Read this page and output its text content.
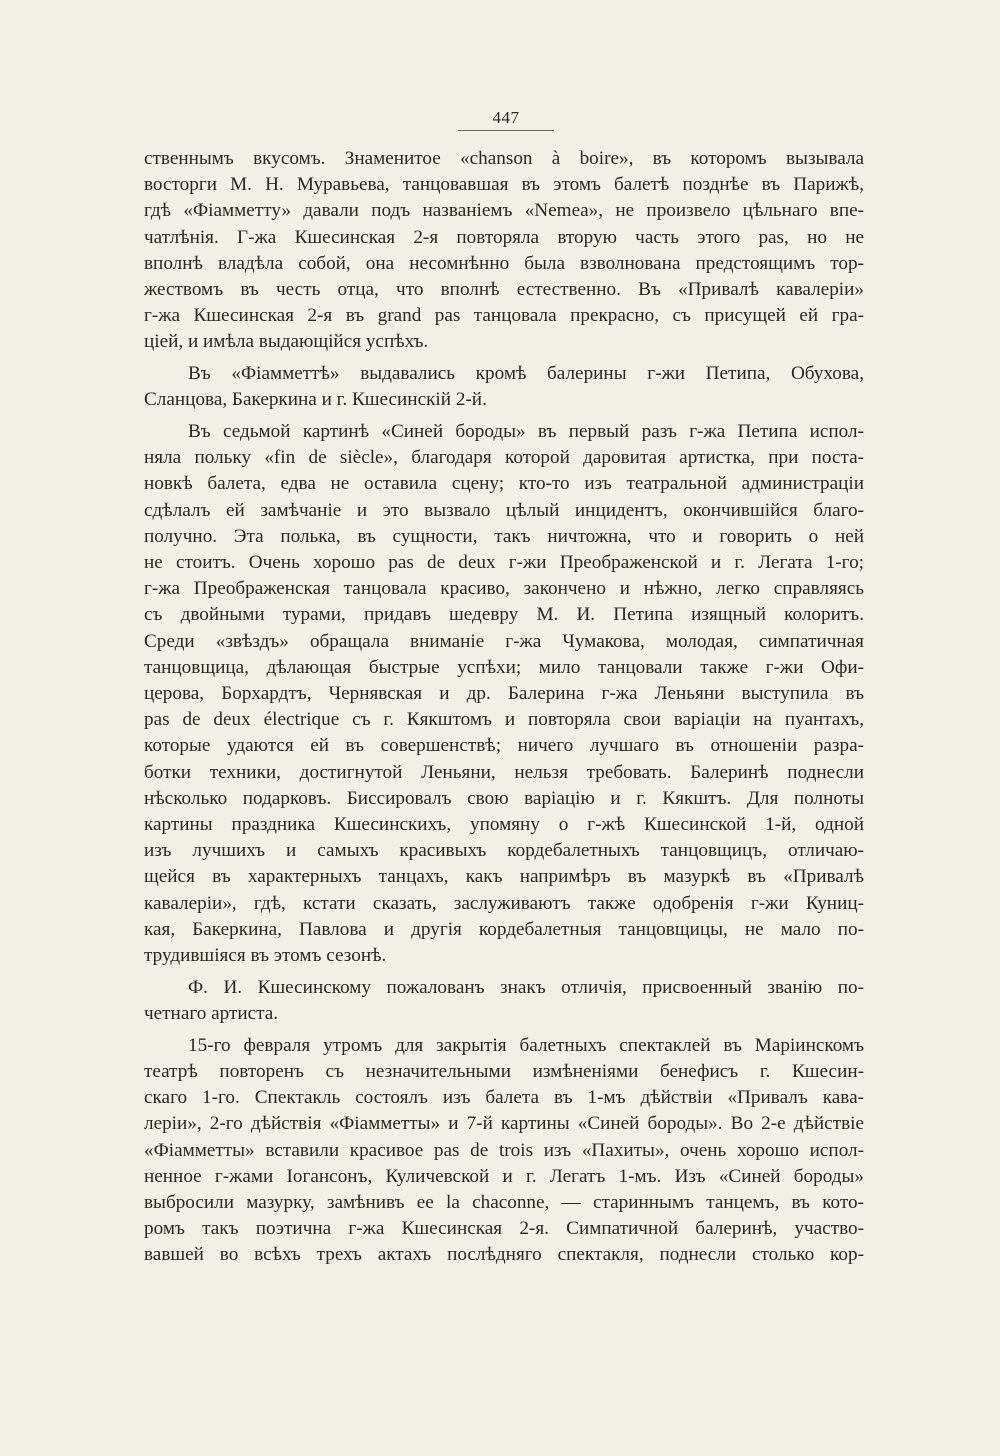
447

ственнымъ вкусомъ. Знаменитое «chanson à boire», въ которомъ вызывала
восторги М. Н. Муравьева, танцовавшая въ этомъ балетѣ позднѣе въ Парижѣ,
гдѣ «Фіамметту» давали подъ названіемъ «Nemea», не произвело цѣльнаго впе-
чатлѣнія. Г-жа Кшесинская 2-я повторяла вторую часть этого pas, но не
вполнѣ владѣла собой, она несомнѣнно была взволнована предстоящимъ тор-
жествомъ въ честь отца, что вполнѣ естественно. Въ «Привалѣ кавалеріи»
г-жа Кшесинская 2-я въ grand pas танцовала прекрасно, съ присущей ей гра-
ціей, и имѣла выдающійся успѣхъ.

Въ «Фіамметтѣ» выдавались кромѣ балерины г-жи Петипа, Обухова,
Сланцова, Бакеркина и г. Кшесинскій 2-й.

Въ седьмой картинѣ «Синей бороды» въ первый разъ г-жа Петипа испол-
няла польку «fin de siècle», благодаря которой даровитая артистка, при поста-
новкѣ балета, едва не оставила сцену; кто-то изъ театральной администраціи
сдѣлалъ ей замѣчаніе и это вызвало цѣлый инцидентъ, окончившійся благо-
получно. Эта полька, въ сущности, такъ ничтожна, что и говорить о ней
не стоитъ. Очень хорошо pas de deux г-жи Преображенской и г. Легата 1-го;
г-жа Преображенская танцовала красиво, закончено и нѣжно, легко справляясь
съ двойными турами, придавъ шедевру М. И. Петипа изящный колоритъ.
Среди «звѣздъ» обращала вниманіе г-жа Чумакова, молодая, симпатичная
танцовщица, дѣлающая быстрые успѣхи; мило танцовали также г-жи Офи-
церова, Борхардтъ, Чернявская и др. Балерина г-жа Леньяни выступила въ
pas de deux électrique съ г. Кякштомъ и повторяла свои варіаціи на пуантахъ,
которые удаются ей въ совершенствѣ; ничего лучшаго въ отношеніи разра-
ботки техники, достигнутой Леньяни, нельзя требовать. Балеринѣ поднесли
нѣсколько подарковъ. Биссировалъ свою варіацію и г. Кякштъ. Для полноты
картины праздника Кшесинскихъ, упомяну о г-жѣ Кшесинской 1-й, одной
изъ лучшихъ и самыхъ красивыхъ кордебалетныхъ танцовщицъ, отличаю-
щейся въ характерныхъ танцахъ, какъ напримѣръ въ мазуркѣ въ «Привалѣ
кавалеріи», гдѣ, кстати сказать, заслуживаютъ также одобренія г-жи Куниц-
кая, Бакеркина, Павлова и другія кордебалетныя танцовщицы, не мало по-
трудившіяся въ этомъ сезонѣ.

Ф. И. Кшесинскому пожалованъ знакъ отличія, присвоенный званію по-
четнаго артиста.

15-го февраля утромъ для закрытія балетныхъ спектаклей въ Маріинскомъ
театрѣ повторенъ съ незначительными измѣненіями бенефисъ г. Кшесин-
скаго 1-го. Спектакль состоялъ изъ балета въ 1-мъ дѣйствіи «Привалъ кава-
леріи», 2-го дѣйствія «Фіамметты» и 7-й картины «Синей бороды». Во 2-е дѣйствіе
«Фіамметты» вставили красивое pas de trois изъ «Пахиты», очень хорошо испол-
ненное г-жами Іогансонъ, Куличевской и г. Легатъ 1-мъ. Изъ «Синей бороды»
выбросили мазурку, замѣнивъ ее la chaconne, — стариннымъ танцемъ, въ кото-
ромъ такъ поэтична г-жа Кшесинская 2-я. Симпатичной балеринѣ, участво-
вавшей во всѣхъ трехъ актахъ послѣдняго спектакля, поднесли столько кор-
